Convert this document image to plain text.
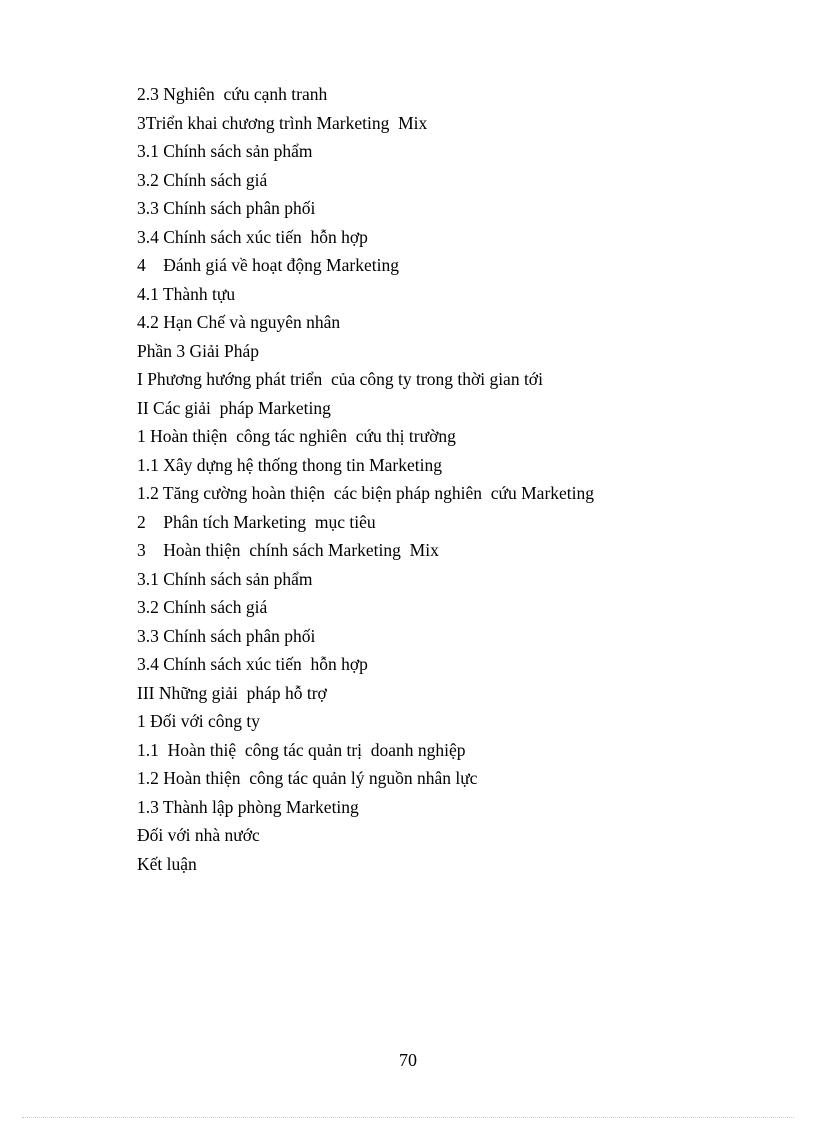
2.3 Nghiên  cứu cạnh tranh
3Triển khai chương trình Marketing  Mix
3.1 Chính sách sản phẩm
3.2 Chính sách giá
3.3 Chính sách phân phối
3.4 Chính sách xúc tiến  hỗn hợp
4    Đánh giá về hoạt động Marketing
4.1 Thành tựu
4.2 Hạn Chế và nguyên nhân
Phần 3 Giải Pháp
I Phương hướng phát triển  của công ty trong thời gian tới
II Các giải  pháp Marketing
1 Hoàn thiện  công tác nghiên  cứu thị trường
1.1 Xây dựng hệ thống thong tin Marketing
1.2 Tăng cường hoàn thiện  các biện pháp nghiên  cứu Marketing
2    Phân tích Marketing  mục tiêu
3    Hoàn thiện  chính sách Marketing  Mix
3.1 Chính sách sản phẩm
3.2 Chính sách giá
3.3 Chính sách phân phối
3.4 Chính sách xúc tiến  hỗn hợp
III Những giải  pháp hỗ trợ
1 Đối với công ty
1.1  Hoàn thiệ  công tác quản trị  doanh nghiệp
1.2 Hoàn thiện  công tác quản lý nguồn nhân lực
1.3 Thành lập phòng Marketing
Đối với nhà nước
Kết luận
70
